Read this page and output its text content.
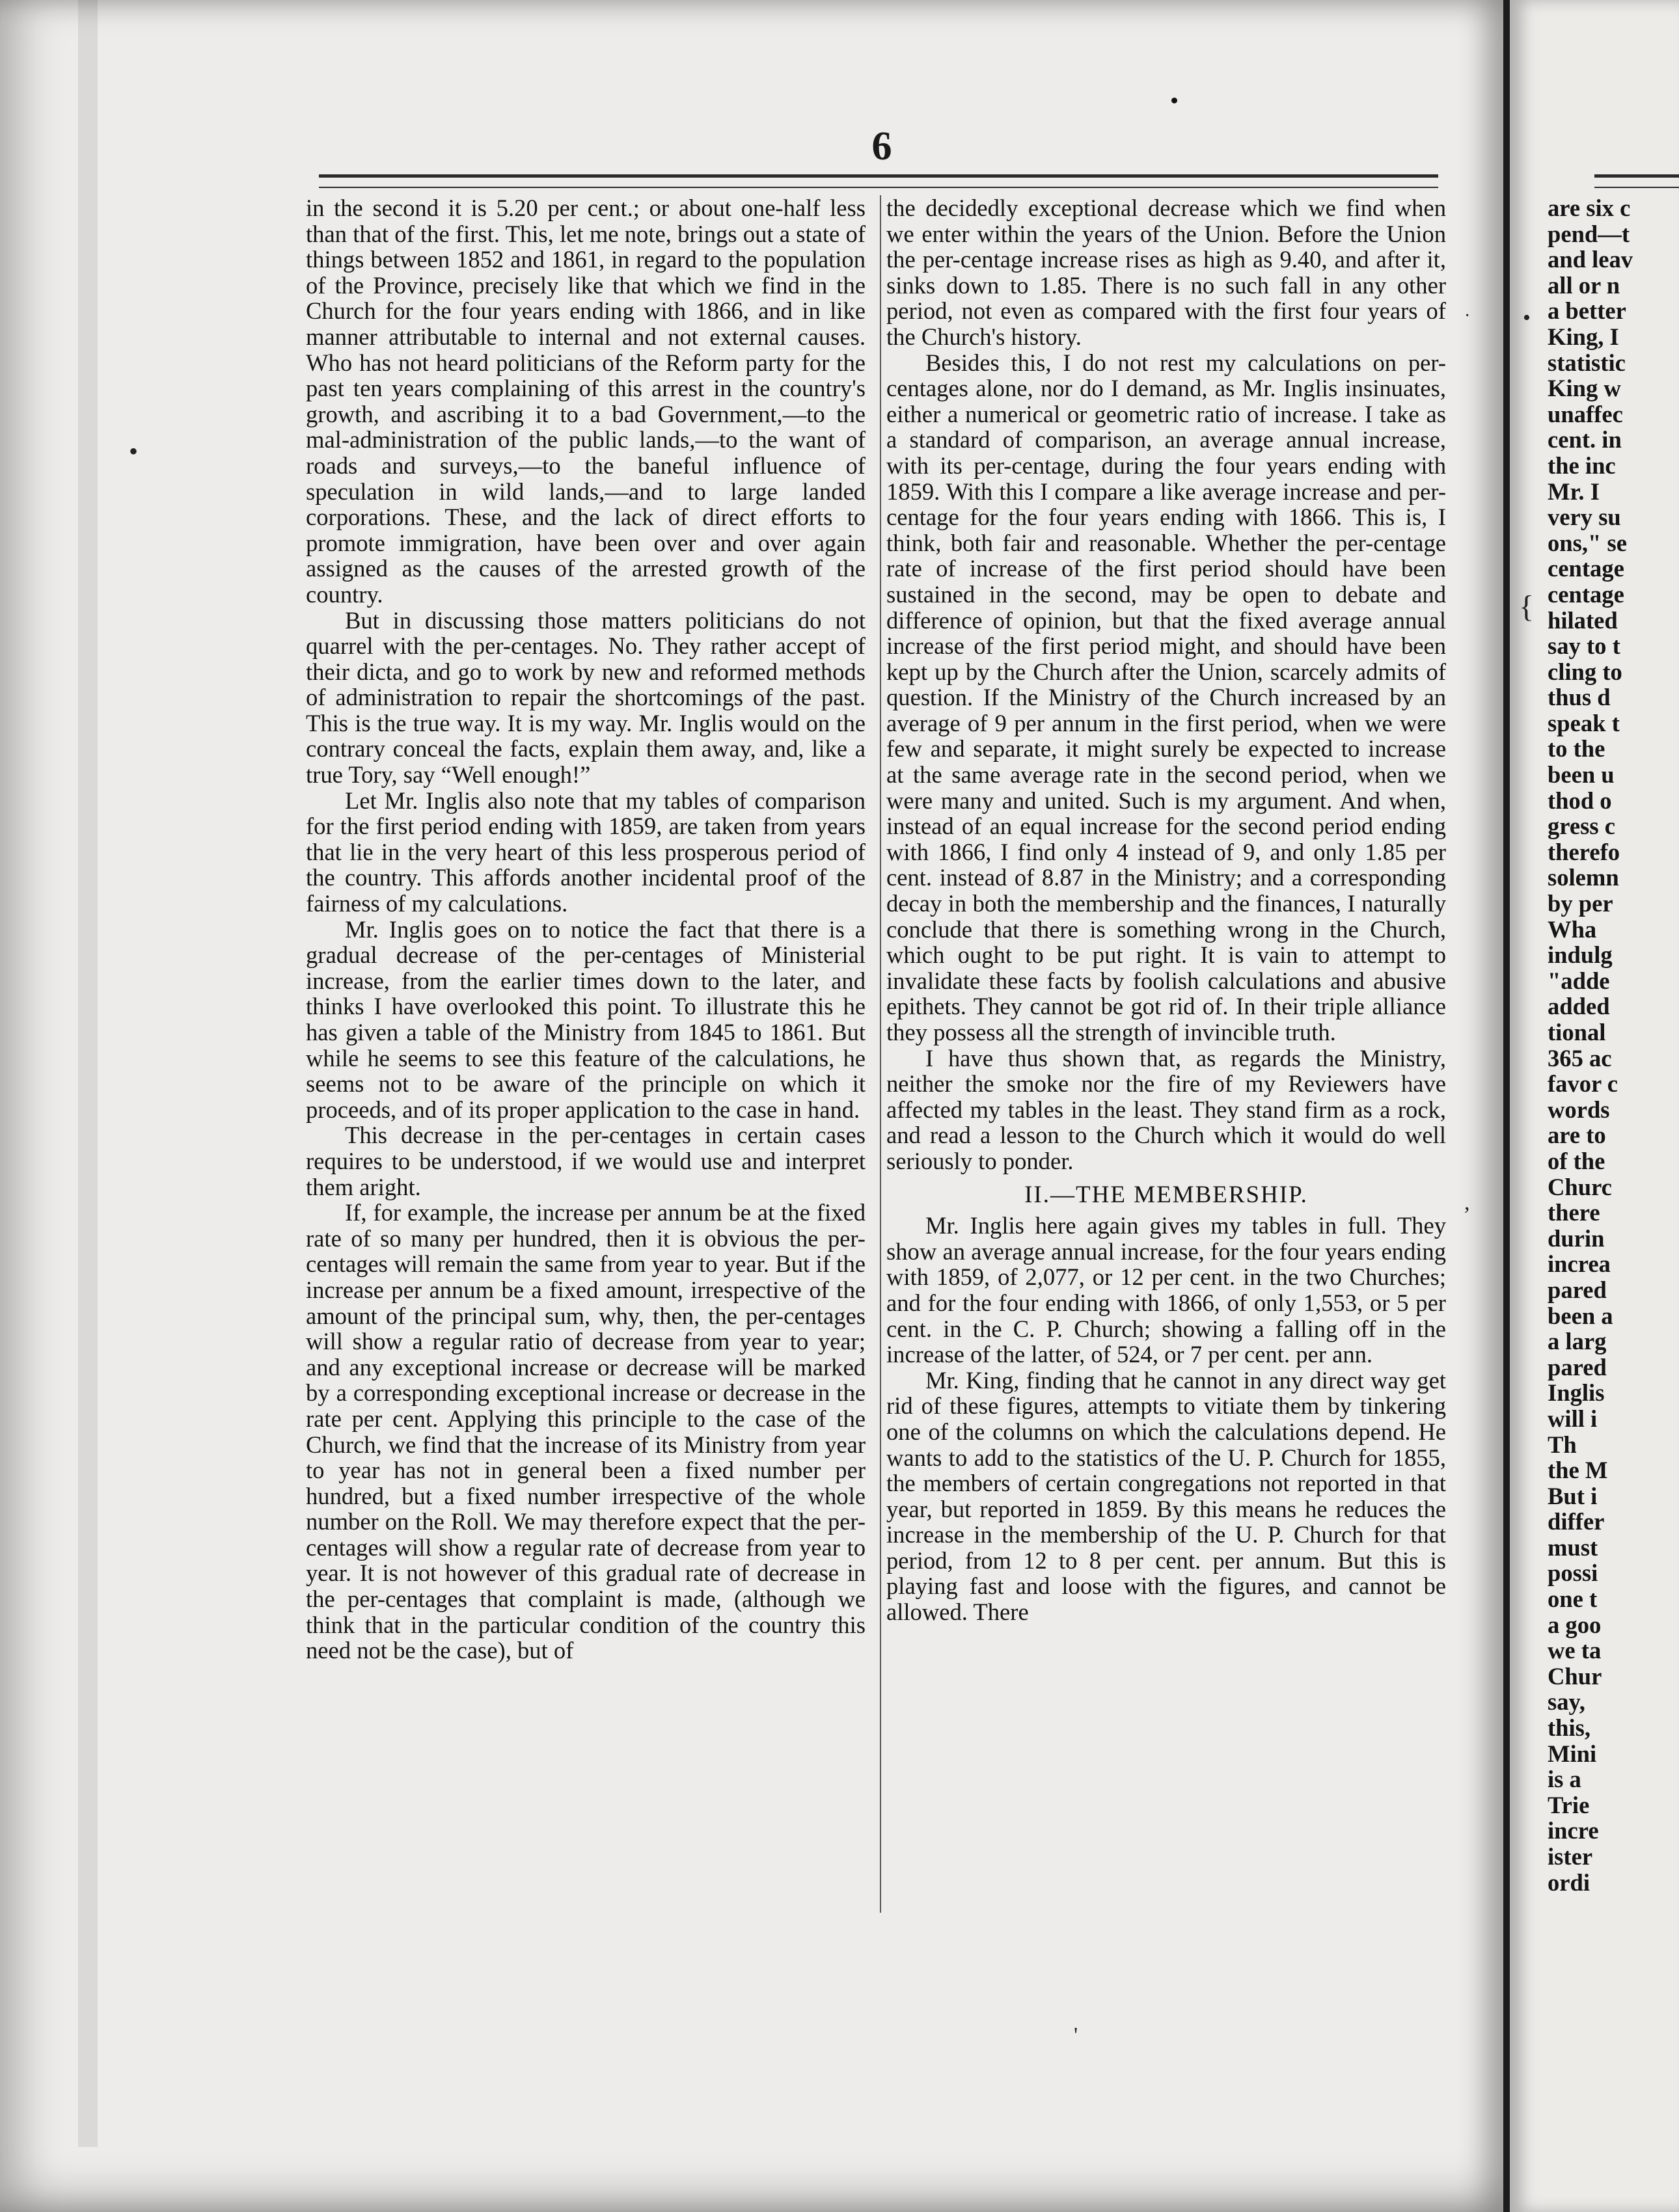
6

in the second it is 5.20 per cent.; or about one-half less than that of the first. This, let me note, brings out a state of things between 1852 and 1861, in regard to the population of the Province, precisely like that which we find in the Church for the four years ending with 1866, and in like manner attributable to internal and not external causes. Who has not heard politicians of the Reform party for the past ten years complaining of this arrest in the country's growth, and ascribing it to a bad Government,—to the mal-administration of the public lands,—to the want of roads and surveys,—to the baneful influence of speculation in wild lands,—and to large landed corporations. These, and the lack of direct efforts to promote immigration, have been over and over again assigned as the causes of the arrested growth of the country.

But in discussing those matters politicians do not quarrel with the per-centages. No. They rather accept of their dicta, and go to work by new and reformed methods of administration to repair the shortcomings of the past. This is the true way. It is my way. Mr. Inglis would on the contrary conceal the facts, explain them away, and, like a true Tory, say “Well enough!”

Let Mr. Inglis also note that my tables of comparison for the first period ending with 1859, are taken from years that lie in the very heart of this less prosperous period of the country. This affords another incidental proof of the fairness of my calculations.

Mr. Inglis goes on to notice the fact that there is a gradual decrease of the per-centages of Ministerial increase, from the earlier times down to the later, and thinks I have overlooked this point. To illustrate this he has given a table of the Ministry from 1845 to 1861. But while he seems to see this feature of the calculations, he seems not to be aware of the principle on which it proceeds, and of its proper application to the case in hand.

This decrease in the per-centages in certain cases requires to be understood, if we would use and interpret them aright.

If, for example, the increase per annum be at the fixed rate of so many per hundred, then it is obvious the per-centages will remain the same from year to year. But if the increase per annum be a fixed amount, irrespective of the amount of the principal sum, why, then, the per-centages will show a regular ratio of decrease from year to year; and any exceptional increase or decrease will be marked by a corresponding exceptional increase or decrease in the rate per cent. Applying this principle to the case of the Church, we find that the increase of its Ministry from year to year has not in general been a fixed number per hundred, but a fixed number irrespective of the whole number on the Roll. We may therefore expect that the per-centages will show a regular rate of decrease from year to year. It is not however of this gradual rate of decrease in the per-centages that complaint is made, (although we think that in the particular condition of the country this need not be the case), but of

the decidedly exceptional decrease which we find when we enter within the years of the Union. Before the Union the per-centage increase rises as high as 9.40, and after it, sinks down to 1.85. There is no such fall in any other period, not even as compared with the first four years of the Church's history.

Besides this, I do not rest my calculations on per-centages alone, nor do I demand, as Mr. Inglis insinuates, either a numerical or geometric ratio of increase. I take as a standard of comparison, an average annual increase, with its per-centage, during the four years ending with 1859. With this I compare a like average increase and per-centage for the four years ending with 1866. This is, I think, both fair and reasonable. Whether the per-centage rate of increase of the first period should have been sustained in the second, may be open to debate and difference of opinion, but that the fixed average annual increase of the first period might, and should have been kept up by the Church after the Union, scarcely admits of question. If the Ministry of the Church increased by an average of 9 per annum in the first period, when we were few and separate, it might surely be expected to increase at the same average rate in the second period, when we were many and united. Such is my argument. And when, instead of an equal increase for the second period ending with 1866, I find only 4 instead of 9, and only 1.85 per cent. instead of 8.87 in the Ministry; and a corresponding decay in both the membership and the finances, I naturally conclude that there is something wrong in the Church, which ought to be put right. It is vain to attempt to invalidate these facts by foolish calculations and abusive epithets. They cannot be got rid of. In their triple alliance they possess all the strength of invincible truth.

I have thus shown that, as regards the Ministry, neither the smoke nor the fire of my Reviewers have affected my tables in the least. They stand firm as a rock, and read a lesson to the Church which it would do well seriously to ponder.

II.—THE MEMBERSHIP.

Mr. Inglis here again gives my tables in full. They show an average annual increase, for the four years ending with 1859, of 2,077, or 12 per cent. in the two Churches; and for the four ending with 1866, of only 1,553, or 5 per cent. in the C. P. Church; showing a falling off in the increase of the latter, of 524, or 7 per cent. per ann.

Mr. King, finding that he cannot in any direct way get rid of these figures, attempts to vitiate them by tinkering one of the columns on which the calculations depend. He wants to add to the statistics of the U. P. Church for 1855, the members of certain congregations not reported in that year, but reported in 1859. By this means he reduces the increase in the membership of the U. P. Church for that period, from 12 to 8 per cent. per annum. But this is playing fast and loose with the figures, and cannot be allowed. There

•
·
,
'
are six c
pend—t
and leav
all or n
a better
King, I
statistic
King w
unaffec
cent. in
the inc
Mr. I
very su
ons," se
centage
centage
hilated
say to t
cling to
thus d
speak t
to the
been u
thod o
gress c
therefo
solemn
by per
Wha
indulg
"adde
added
tional
365 ac
favor c
words
are to
of the
Churc
there
durin
increa
pared
been a
a larg
pared
Inglis
will i
Th
the M
But i
differ
must
possi
one t
a goo
we ta
Chur
say,
this,
Mini
is a
Trie
incre
ister
ordi
•
{
